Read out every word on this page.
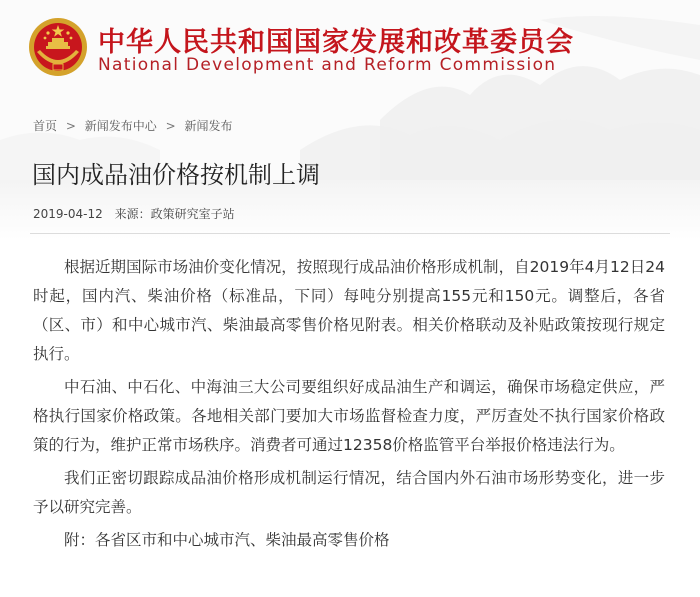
中华人民共和国国家发展和改革委员会
National Development and Reform Commission
首页 > 新闻发布中心 > 新闻发布
国内成品油价格按机制上调
2019-04-12 来源：政策研究室子站

根据近期国际市场油价变化情况，按照现行成品油价格形成机制，自2019年4月12日24时起，国内汽、柴油价格（标准品，下同）每吨分别提高155元和150元。调整后，各省（区、市）和中心城市汽、柴油最高零售价格见附表。相关价格联动及补贴政策按现行规定执行。

中石油、中石化、中海油三大公司要组织好成品油生产和调运，确保市场稳定供应，严格执行国家价格政策。各地相关部门要加大市场监督检查力度，严厉查处不执行国家价格政策的行为，维护正常市场秩序。消费者可通过12358价格监管平台举报价格违法行为。

我们正密切跟踪成品油价格形成机制运行情况，结合国内外石油市场形势变化，进一步予以研究完善。

附：各省区市和中心城市汽、柴油最高零售价格
